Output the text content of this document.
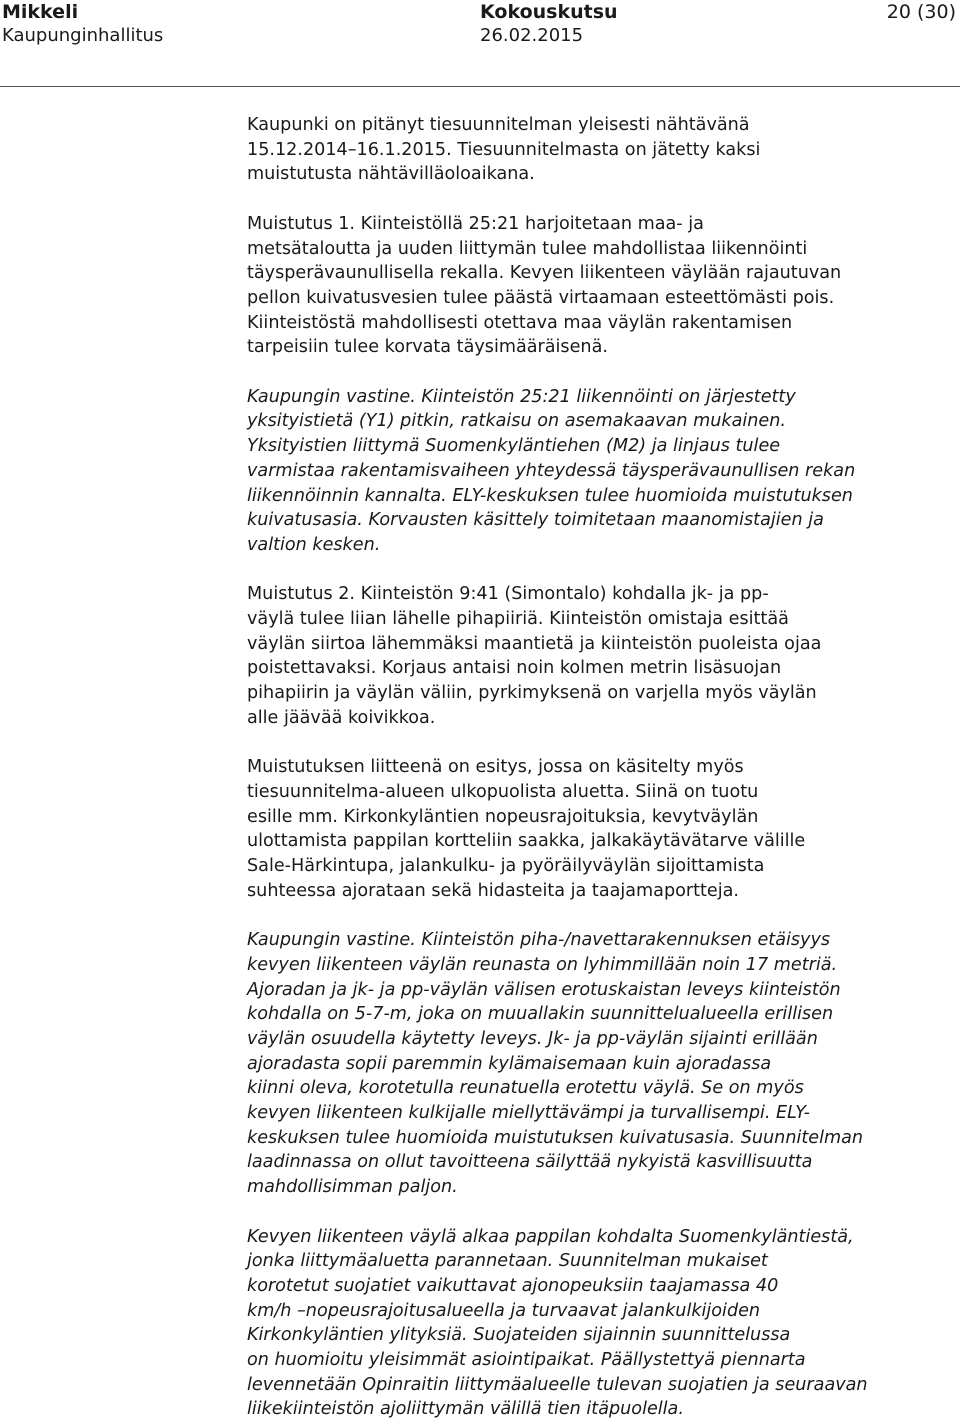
Mikkeli
Kaupunginhallitus
Kokouskutsu
26.02.2015
20 (30)

Kaupunki on pitänyt tiesuunnitelman yleisesti nähtävänä
15.12.2014–16.1.2015. Tiesuunnitelmasta on jätetty kaksi
muistutusta nähtävilläoloaikana.

Muistutus 1. Kiinteistöllä 25:21 harjoitetaan maa- ja
metsätaloutta ja uuden liittymän tulee mahdollistaa liikennöinti
täysperävaunullisella rekalla. Kevyen liikenteen väylään rajautuvan
pellon kuivatusvesien tulee päästä virtaamaan esteettömästi pois.
Kiinteistöstä mahdollisesti otettava maa väylän rakentamisen
tarpeisiin tulee korvata täysimääräisenä.

Kaupungin vastine. Kiinteistön 25:21 liikennöinti on järjestetty
yksityistietä (Y1) pitkin, ratkaisu on asemakaavan mukainen.
Yksityistien liittymä Suomenkyläntiehen (M2) ja linjaus tulee
varmistaa rakentamisvaiheen yhteydessä täysperävaunullisen rekan
liikennöinnin kannalta. ELY-keskuksen tulee huomioida muistutuksen
kuivatusasia. Korvausten käsittely toimitetaan maanomistajien ja
valtion kesken.

Muistutus 2. Kiinteistön 9:41 (Simontalo) kohdalla jk- ja pp-
väylä tulee liian lähelle pihapiiriä. Kiinteistön omistaja esittää
väylän siirtoa lähemmäksi maantietä ja kiinteistön puoleista ojaa
poistettavaksi. Korjaus antaisi noin kolmen metrin lisäsuojan
pihapiirin ja väylän väliin, pyrkimyksenä on varjella myös väylän
alle jäävää koivikkoa.

Muistutuksen liitteenä on esitys, jossa on käsitelty myös
tiesuunnitelma-alueen ulkopuolista aluetta. Siinä on tuotu
esille mm. Kirkonkyläntien nopeusrajoituksia, kevytväylän
ulottamista pappilan kortteliin saakka, jalkakäytävätarve välille
Sale-Härkintupa, jalankulku- ja pyöräilyväylän sijoittamista
suhteessa ajorataan sekä hidasteita ja taajamaportteja.

Kaupungin vastine. Kiinteistön piha-/navettarakennuksen etäisyys
kevyen liikenteen väylän reunasta on lyhimmillään noin 17 metriä.
Ajoradan ja jk- ja pp-väylän välisen erotuskaistan leveys kiinteistön
kohdalla on 5-7-m, joka on muuallakin suunnittelualueella erillisen
väylän osuudella käytetty leveys. Jk- ja pp-väylän sijainti erillään
ajoradasta sopii paremmin kylämaisemaan kuin ajoradassa
kiinni oleva, korotetulla reunatuella erotettu väylä. Se on myös
kevyen liikenteen kulkijalle miellyttävämpi ja turvallisempi. ELY-
keskuksen tulee huomioida muistutuksen kuivatusasia. Suunnitelman
laadinnassa on ollut tavoitteena säilyttää nykyistä kasvillisuutta
mahdollisimman paljon.

Kevyen liikenteen väylä alkaa pappilan kohdalta Suomenkyläntiestä,
jonka liittymäaluetta parannetaan. Suunnitelman mukaiset
korotetut suojatiet vaikuttavat ajonopeuksiin taajamassa 40
km/h –nopeusrajoitusalueella ja turvaavat jalankulkijoiden
Kirkonkyläntien ylityksiä. Suojateiden sijainnin suunnittelussa
on huomioitu yleisimmät asiointipaikat. Päällystettyä piennarta
levennetään Opinraitin liittymäalueelle tulevan suojatien ja seuraavan
liikekiinteistön ajoliittymän välillä tien itäpuolella.
